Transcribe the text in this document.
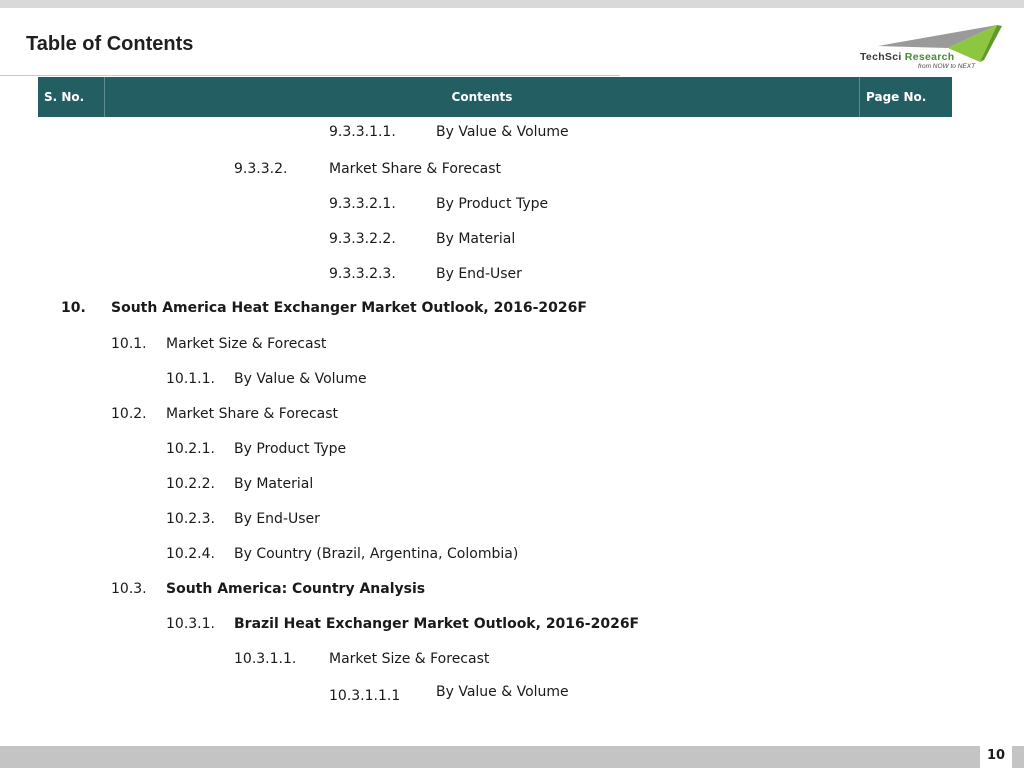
Table of Contents
TechSci Research
from NOW to NEXT
S. No.	Contents	Page No.
9.3.3.1.1.	By Value & Volume
9.3.3.2.	Market Share & Forecast
9.3.3.2.1.	By Product Type
9.3.3.2.2.	By Material
9.3.3.2.3.	By End-User
10. South America Heat Exchanger Market Outlook, 2016-2026F
10.1. Market Size & Forecast
10.1.1. By Value & Volume
10.2. Market Share & Forecast
10.2.1. By Product Type
10.2.2. By Material
10.2.3. By End-User
10.2.4. By Country (Brazil, Argentina, Colombia)
10.3. South America: Country Analysis
10.3.1. Brazil Heat Exchanger Market Outlook, 2016-2026F
10.3.1.1. Market Size & Forecast
10.3.1.1.1	By Value & Volume
10
